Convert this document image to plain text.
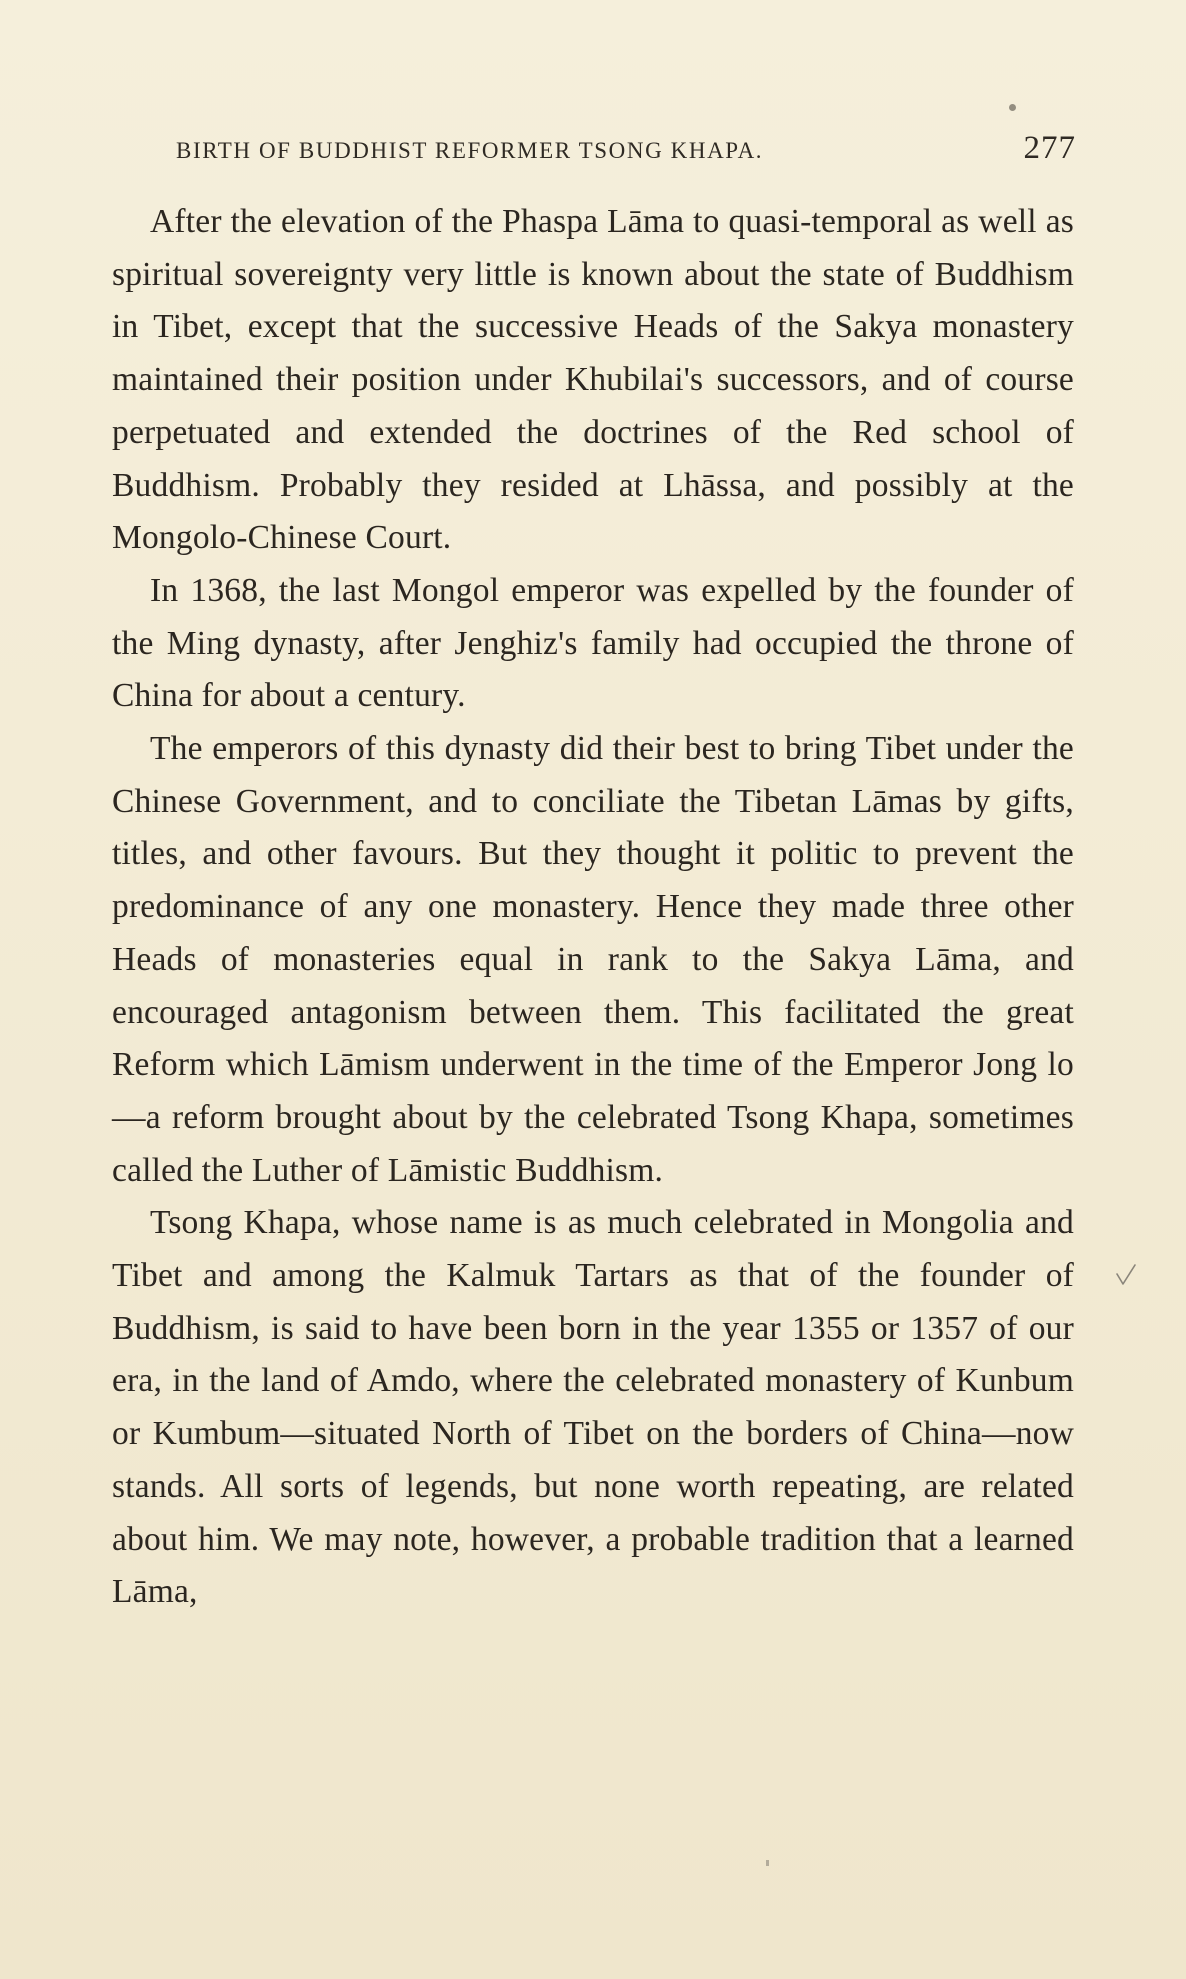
BIRTH OF BUDDHIST REFORMER TSONG KHAPA.	277

After the elevation of the Phaspa Lāma to quasi-temporal as well as spiritual sovereignty very little is known about the state of Buddhism in Tibet, except that the successive Heads of the Sakya monastery maintained their position under Khubilai's successors, and of course perpetuated and extended the doctrines of the Red school of Buddhism. Probably they resided at Lhāssa, and possibly at the Mongolo-Chinese Court.

In 1368, the last Mongol emperor was expelled by the founder of the Ming dynasty, after Jenghiz's family had occupied the throne of China for about a century.

The emperors of this dynasty did their best to bring Tibet under the Chinese Government, and to conciliate the Tibetan Lāmas by gifts, titles, and other favours. But they thought it politic to prevent the predominance of any one monastery. Hence they made three other Heads of monasteries equal in rank to the Sakya Lāma, and encouraged antagonism between them. This facilitated the great Reform which Lāmism underwent in the time of the Emperor Jong lo—a reform brought about by the celebrated Tsong Khapa, sometimes called the Luther of Lāmistic Buddhism.

Tsong Khapa, whose name is as much celebrated in Mongolia and Tibet and among the Kalmuk Tartars as that of the founder of Buddhism, is said to have been born in the year 1355 or 1357 of our era, in the land of Amdo, where the celebrated monastery of Kunbum or Kumbum—situated North of Tibet on the borders of China—now stands. All sorts of legends, but none worth repeating, are related about him. We may note, however, a probable tradition that a learned Lāma,
